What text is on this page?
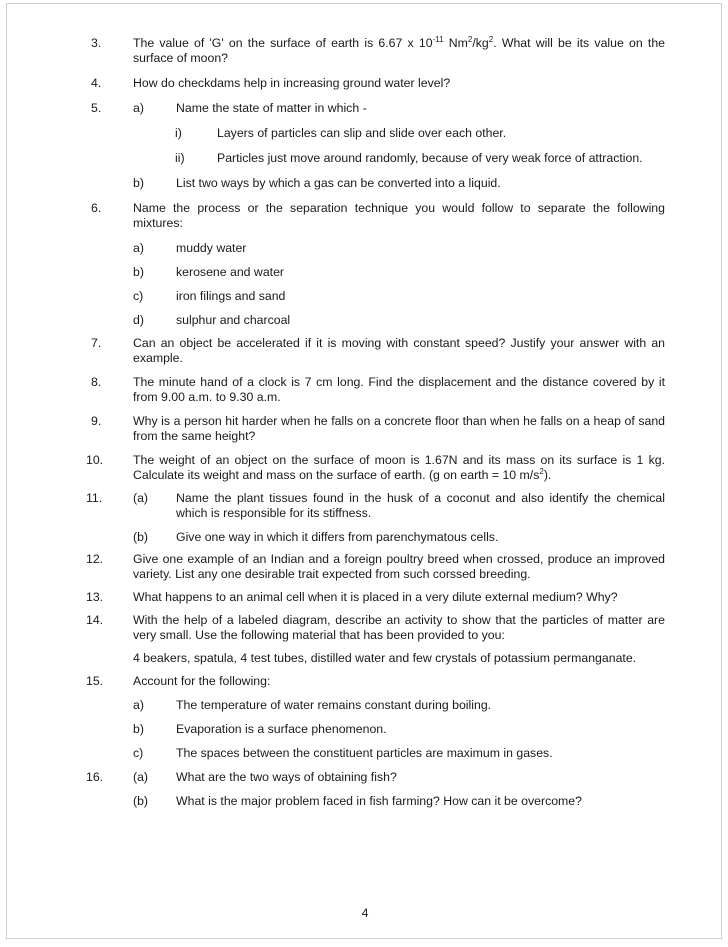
3.	The value of 'G' on the surface of earth is 6.67 x $10^{-11}$ $Nm^2/kg^2$. What will be its value on the surface of moon?
4.	How do checkdams help in increasing ground water level?
5.	a)	Name the state of matter in which -
i)	Layers of particles can slip and slide over each other.
ii)	Particles just move around randomly, because of very weak force of attraction.
b)	List two ways by which a gas can be converted into a liquid.
6.	Name the process or the separation technique you would follow to separate the following mixtures:
a)	muddy water
b)	kerosene and water
c)	iron filings and sand
d)	sulphur and charcoal
7.	Can an object be accelerated if it is moving with constant speed? Justify your answer with an example.
8.	The minute hand of a clock is 7 cm long. Find the displacement and the distance covered by it from 9.00 a.m. to 9.30 a.m.
9.	Why is a person hit harder when he falls on a concrete floor than when he falls on a heap of sand from the same height?
10.	The weight of an object on the surface of moon is 1.67N and its mass on its surface is 1 kg. Calculate its weight and mass on the surface of earth. (g on earth = 10 $m/s^2$).
11.	(a)	Name the plant tissues found in the husk of a coconut and also identify the chemical which is responsible for its stiffness.
(b)	Give one way in which it differs from parenchymatous cells.
12.	Give one example of an Indian and a foreign poultry breed when crossed, produce an improved variety. List any one desirable trait expected from such corssed breeding.
13.	What happens to an animal cell when it is placed in a very dilute external medium? Why?
14.	With the help of a labeled diagram, describe an activity to show that the particles of matter are very small. Use the following material that has been provided to you:
4 beakers, spatula, 4 test tubes, distilled water and few crystals of potassium permanganate.
15.	Account for the following:
a)	The temperature of water remains constant during boiling.
b)	Evaporation is a surface phenomenon.
c)	The spaces between the constituent particles are maximum in gases.
16.	(a)	What are the two ways of obtaining fish?
(b)	What is the major problem faced in fish farming? How can it be overcome?
4
